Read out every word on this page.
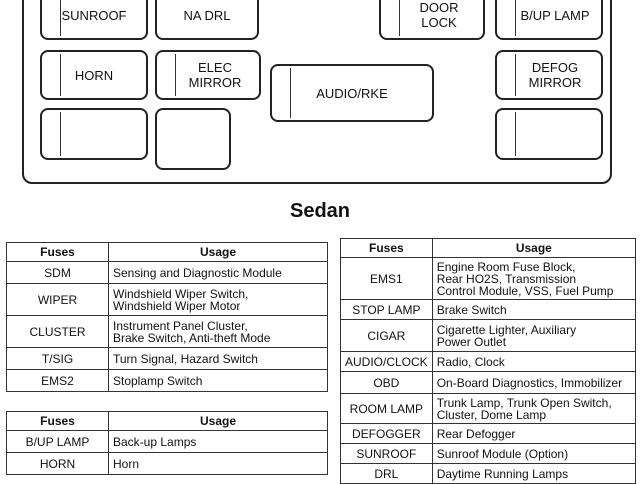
SUNROOF	NA DRL	DOOR
LOCK	B/UP LAMP
HORN	ELEC
MIRROR
AUDIO/RKE
DEFOG
MIRROR
Sedan
Fuses	Usage
SDM	Sensing and Diagnostic Module
WIPER	Windshield Wiper Switch,
Windshield Wiper Motor
CLUSTER	Instrument Panel Cluster,
Brake Switch, Anti-theft Mode
T/SIG	Turn Signal, Hazard Switch
EMS2	Stoplamp Switch
Fuses	Usage
B/UP LAMP	Back-up Lamps
HORN	Horn
Fuses	Usage
EMS1	Engine Room Fuse Block,
Rear HO2S, Transmission
Control Module, VSS, Fuel Pump
STOP LAMP	Brake Switch
CIGAR	Cigarette Lighter, Auxiliary
Power Outlet
AUDIO/CLOCK	Radio, Clock
OBD	On-Board Diagnostics, Immobilizer
ROOM LAMP	Trunk Lamp, Trunk Open Switch,
Cluster, Dome Lamp
DEFOGGER	Rear Defogger
SUNROOF	Sunroof Module (Option)
DRL	Daytime Running Lamps
